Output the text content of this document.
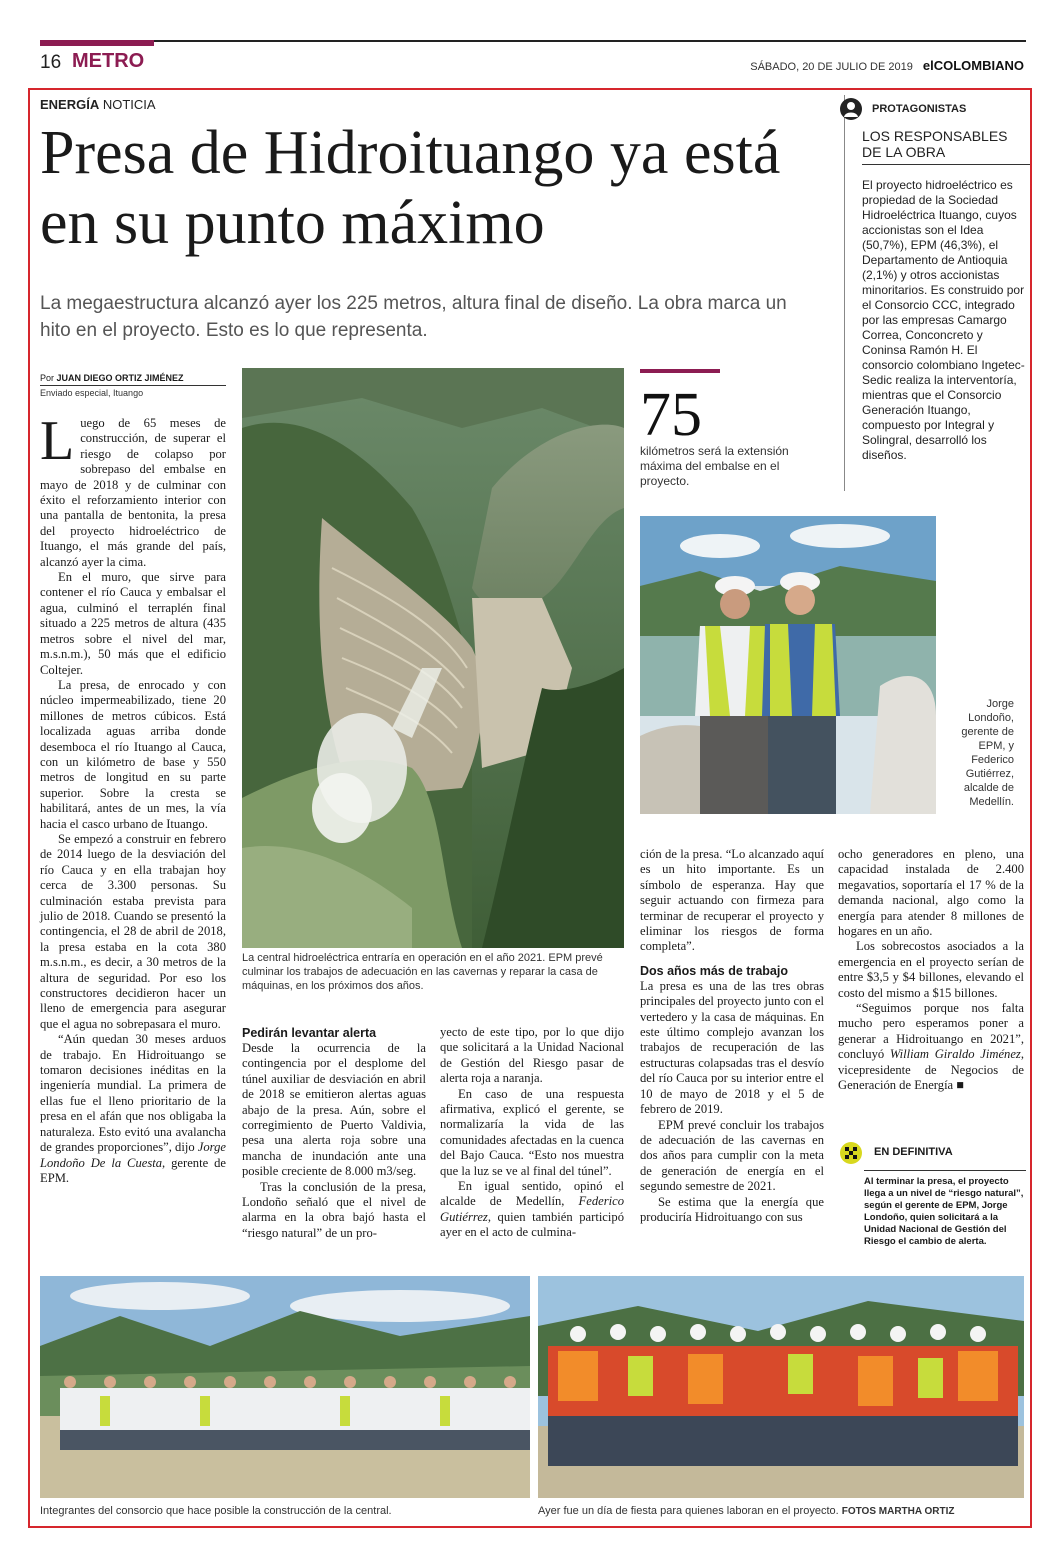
16 METRO	SÁBADO, 20 DE JULIO DE 2019 elCOLOMBIANO
ENERGÍA NOTICIA
Presa de Hidroituango ya está en su punto máximo
La megaestructura alcanzó ayer los 225 metros, altura final de diseño. La obra marca un hito en el proyecto. Esto es lo que representa.
Por JUAN DIEGO ORTIZ JIMÉNEZ
Enviado especial, Ituango

Luego de 65 meses de construcción, de superar el riesgo de colapso por sobrepaso del embalse en mayo de 2018 y de culminar con éxito el reforzamiento interior con una pantalla de bentonita, la presa del proyecto hidroeléctrico de Ituango, el más grande del país, alcanzó ayer la cima.

En el muro, que sirve para contener el río Cauca y embalsar el agua, culminó el terraplén final situado a 225 metros de altura (435 metros sobre el nivel del mar, m.s.n.m.), 50 más que el edificio Coltejer.

La presa, de enrocado y con núcleo impermeabilizado, tiene 20 millones de metros cúbicos. Está localizada aguas arriba donde desemboca el río Ituango al Cauca, con un kilómetro de base y 550 metros de longitud en su parte superior. Sobre la cresta se habilitará, antes de un mes, la vía hacia el casco urbano de Ituango.

Se empezó a construir en febrero de 2014 luego de la desviación del río Cauca y en ella trabajan hoy cerca de 3.300 personas. Su culminación estaba prevista para julio de 2018. Cuando se presentó la contingencia, el 28 de abril de 2018, la presa estaba en la cota 380 m.s.n.m., es decir, a 30 metros de la altura de seguridad. Por eso los constructores decidieron hacer un lleno de emergencia para asegurar que el agua no sobrepasara el muro.

“Aún quedan 30 meses arduos de trabajo. En Hidroituango se tomaron decisiones inéditas en la ingeniería mundial. La primera de ellas fue el lleno prioritario de la presa en el afán que nos obligaba la naturaleza. Esto evitó una avalancha de grandes proporciones”, dijo Jorge Londoño De la Cuesta, gerente de EPM.

La central hidroeléctrica entraría en operación en el año 2021. EPM prevé culminar los trabajos de adecuación en las cavernas y reparar la casa de máquinas, en los próximos dos años.
Pedirán levantar alerta

Desde la ocurrencia de la contingencia por el desplome del túnel auxiliar de desviación en abril de 2018 se emitieron alertas aguas abajo de la presa. Aún, sobre el corregimiento de Puerto Valdivia, pesa una alerta roja sobre una mancha de inundación ante una posible creciente de 8.000 m3/seg.

Tras la conclusión de la presa, Londoño señaló que el nivel de alarma en la obra bajó hasta el “riesgo natural” de un pro-

yecto de este tipo, por lo que dijo que solicitará a la Unidad Nacional de Gestión del Riesgo pasar de alerta roja a naranja.

En caso de una respuesta afirmativa, explicó el gerente, se normalizaría la vida de las comunidades afectadas en la cuenca del Bajo Cauca. “Esto nos muestra que la luz se ve al final del túnel”.

En igual sentido, opinó el alcalde de Medellín, Federico Gutiérrez, quien también participó ayer en el acto de culmina-

75
kilómetros será la extensión máxima del embalse en el proyecto.
Jorge Londoño, gerente de EPM, y Federico Gutiérrez, alcalde de Medellín.

ción de la presa. “Lo alcanzado aquí es un hito importante. Es un símbolo de esperanza. Hay que seguir actuando con firmeza para terminar de recuperar el proyecto y eliminar los riesgos de forma completa”.

Dos años más de trabajo

La presa es una de las tres obras principales del proyecto junto con el vertedero y la casa de máquinas. En este último complejo avanzan los trabajos de recuperación de las estructuras colapsadas tras el desvío del río Cauca por su interior entre el 10 de mayo de 2018 y el 5 de febrero de 2019.

EPM prevé concluir los trabajos de adecuación de las cavernas en dos años para cumplir con la meta de generación de energía en el segundo semestre de 2021.

Se estima que la energía que produciría Hidroituango con sus

ocho generadores en pleno, una capacidad instalada de 2.400 megavatios, soportaría el 17 % de la demanda nacional, algo como la energía para atender 8 millones de hogares en un año.

Los sobrecostos asociados a la emergencia en el proyecto serían de entre $3,5 y $4 billones, elevando el costo del mismo a $15 billones.

“Seguimos porque nos falta mucho pero esperamos poner a generar a Hidroituango en 2021”, concluyó William Giraldo Jiménez, vicepresidente de Negocios de Generación de Energía ■

PROTAGONISTAS
LOS RESPONSABLES DE LA OBRA
El proyecto hidroeléctrico es propiedad de la Sociedad Hidroeléctrica Ituango, cuyos accionistas son el Idea (50,7%), EPM (46,3%), el Departamento de Antioquia (2,1%) y otros accionistas minoritarios. Es construido por el Consorcio CCC, integrado por las empresas Camargo Correa, Conconcreto y Coninsa Ramón H. El consorcio colombiano Ingetec-Sedic realiza la interventoría, mientras que el Consorcio Generación Ituango, compuesto por Integral y Solingral, desarrolló los diseños.
EN DEFINITIVA
Al terminar la presa, el proyecto llega a un nivel de “riesgo natural”, según el gerente de EPM, Jorge Londoño, quien solicitará a la Unidad Nacional de Gestión del Riesgo el cambio de alerta.
Integrantes del consorcio que hace posible la construcción de la central.	Ayer fue un día de fiesta para quienes laboran en el proyecto. FOTOS MARTHA ORTIZ
